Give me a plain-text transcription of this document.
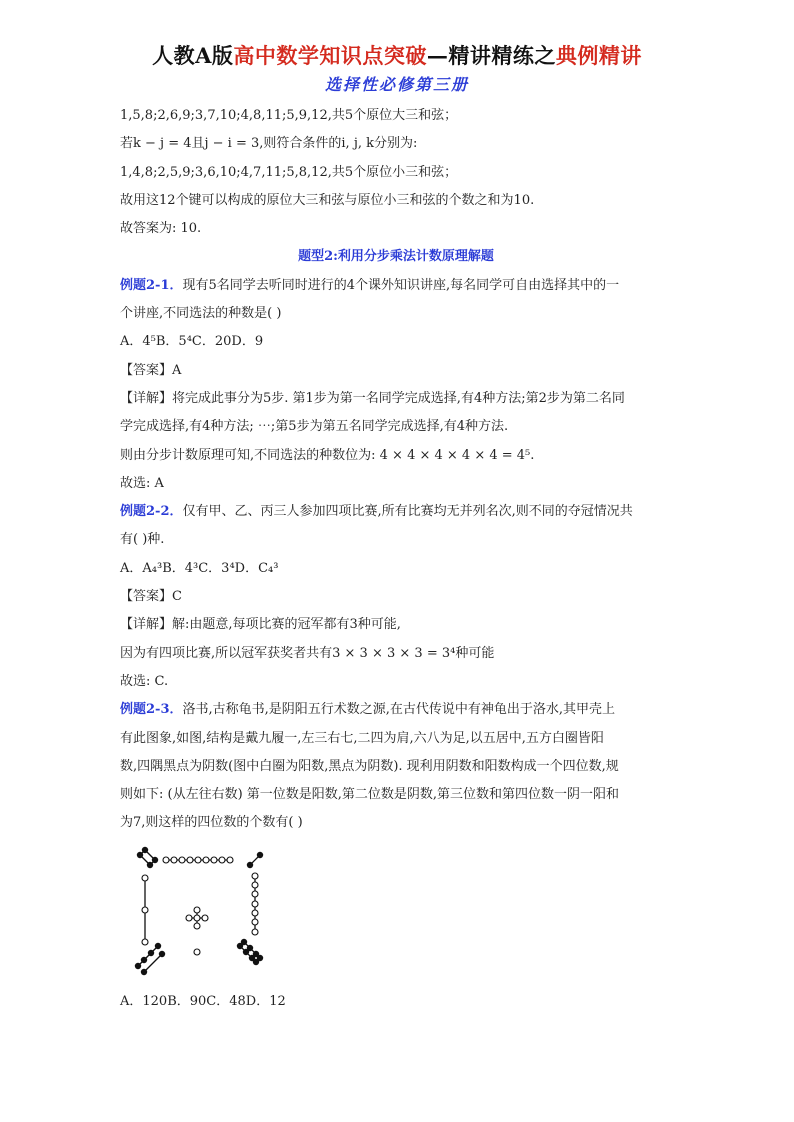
人教A版高中数学知识点突破—精讲精练之典例精讲
选择性必修第三册
1,5,8;2,6,9;3,7,10;4,8,11;5,9,12,共5个原位大三和弦；
若k − j = 4且j − i = 3,则符合条件的i, j, k分别为:
1,4,8;2,5,9;3,6,10;4,7,11;5,8,12,共5个原位小三和弦；
故用这12个键可以构成的原位大三和弦与原位小三和弦的个数之和为10.
故答案为: 10.
题型2:利用分步乘法计数原理解题
例题2-1．现有5名同学去听同时进行的4个课外知识讲座,每名同学可自由选择其中的一
个讲座,不同选法的种数是( )
A．4⁵B．5⁴C．20D．9
【答案】A
【详解】将完成此事分为5步. 第1步为第一名同学完成选择,有4种方法;第2步为第二名同
学完成选择,有4种方法; ⋯;第5步为第五名同学完成选择,有4种方法.
则由分步计数原理可知,不同选法的种数位为: 4 × 4 × 4 × 4 × 4 = 4⁵.
故选: A
例题2-2．仅有甲、乙、丙三人参加四项比赛,所有比赛均无并列名次,则不同的夺冠情况共
有( )种.
A．A₄³B．4³C．3⁴D．C₄³
【答案】C
【详解】解:由题意,每项比赛的冠军都有3种可能,
因为有四项比赛,所以冠军获奖者共有3 × 3 × 3 × 3 = 3⁴种可能
故选: C.
例题2-3．洛书,古称龟书,是阴阳五行术数之源,在古代传说中有神龟出于洛水,其甲壳上
有此图象,如图,结构是戴九履一,左三右七,二四为肩,六八为足,以五居中,五方白圈皆阳
数,四隅黑点为阴数(图中白圈为阳数,黑点为阴数). 现利用阴数和阳数构成一个四位数,规
则如下: (从左往右数) 第一位数是阳数,第二位数是阴数,第三位数和第四位数一阴一阳和
为7,则这样的四位数的个数有( )
A．120B．90C．48D．12
